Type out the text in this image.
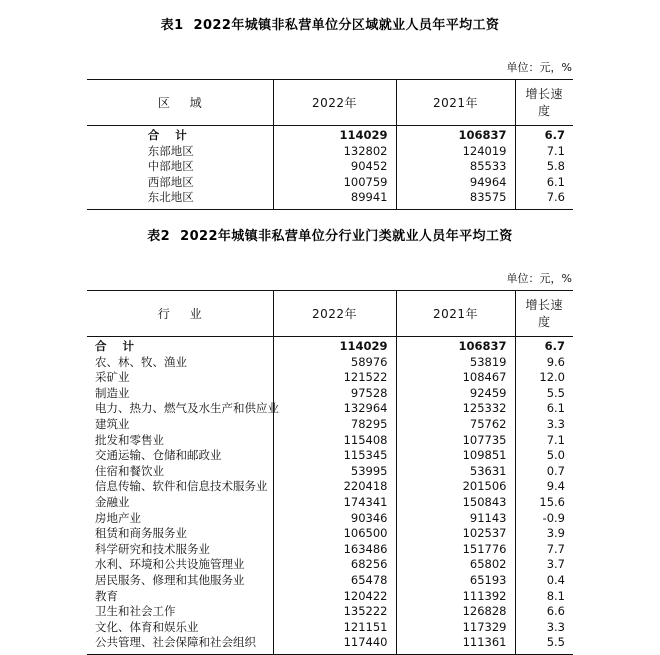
表1 2022年城镇非私营单位分区域就业人员年平均工资
单位：元，%
区 域	2022年	2021年	增长速度
合 计	114029	106837	6.7
东部地区	132802	124019	7.1
中部地区	90452	85533	5.8
西部地区	100759	94964	6.1
东北地区	89941	83575	7.6
表2 2022年城镇非私营单位分行业门类就业人员年平均工资
单位：元，%
行 业	2022年	2021年	增长速度
合 计	114029	106837	6.7
农、林、牧、渔业	58976	53819	9.6
采矿业	121522	108467	12.0
制造业	97528	92459	5.5
电力、热力、燃气及水生产和供应业	132964	125332	6.1
建筑业	78295	75762	3.3
批发和零售业	115408	107735	7.1
交通运输、仓储和邮政业	115345	109851	5.0
住宿和餐饮业	53995	53631	0.7
信息传输、软件和信息技术服务业	220418	201506	9.4
金融业	174341	150843	15.6
房地产业	90346	91143	-0.9
租赁和商务服务业	106500	102537	3.9
科学研究和技术服务业	163486	151776	7.7
水利、环境和公共设施管理业	68256	65802	3.7
居民服务、修理和其他服务业	65478	65193	0.4
教育	120422	111392	8.1
卫生和社会工作	135222	126828	6.6
文化、体育和娱乐业	121151	117329	3.3
公共管理、社会保障和社会组织	117440	111361	5.5
